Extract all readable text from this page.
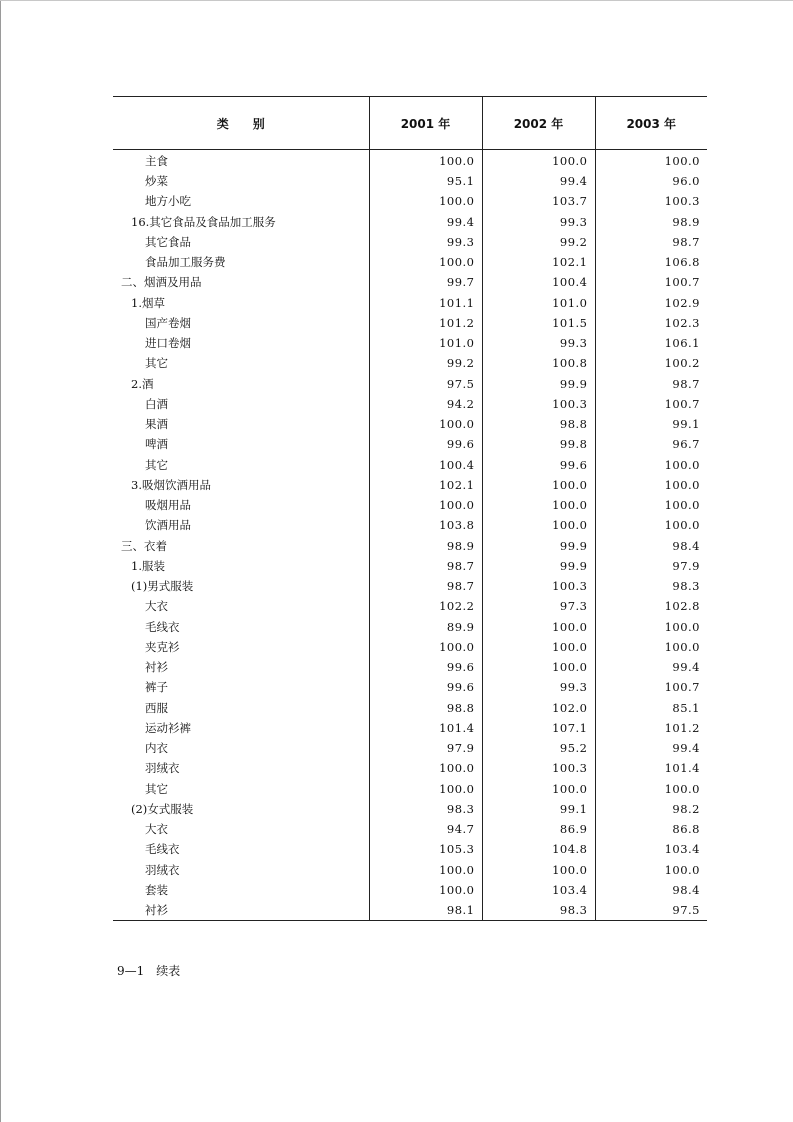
类别	2001 年	2002 年	2003 年
主食	100.0	100.0	100.0
炒菜	95.1	99.4	96.0
地方小吃	100.0	103.7	100.3
16.其它食品及食品加工服务	99.4	99.3	98.9
其它食品	99.3	99.2	98.7
食品加工服务费	100.0	102.1	106.8
二、烟酒及用品	99.7	100.4	100.7
1.烟草	101.1	101.0	102.9
国产卷烟	101.2	101.5	102.3
进口卷烟	101.0	99.3	106.1
其它	99.2	100.8	100.2
2.酒	97.5	99.9	98.7
白酒	94.2	100.3	100.7
果酒	100.0	98.8	99.1
啤酒	99.6	99.8	96.7
其它	100.4	99.6	100.0
3.吸烟饮酒用品	102.1	100.0	100.0
吸烟用品	100.0	100.0	100.0
饮酒用品	103.8	100.0	100.0
三、衣着	98.9	99.9	98.4
1.服装	98.7	99.9	97.9
(1)男式服装	98.7	100.3	98.3
大衣	102.2	97.3	102.8
毛线衣	89.9	100.0	100.0
夹克衫	100.0	100.0	100.0
衬衫	99.6	100.0	99.4
裤子	99.6	99.3	100.7
西服	98.8	102.0	85.1
运动衫裤	101.4	107.1	101.2
内衣	97.9	95.2	99.4
羽绒衣	100.0	100.3	101.4
其它	100.0	100.0	100.0
(2)女式服装	98.3	99.1	98.2
大衣	94.7	86.9	86.8
毛线衣	105.3	104.8	103.4
羽绒衣	100.0	100.0	100.0
套装	100.0	103.4	98.4
衬衫	98.1	98.3	97.5
9—1　续表
